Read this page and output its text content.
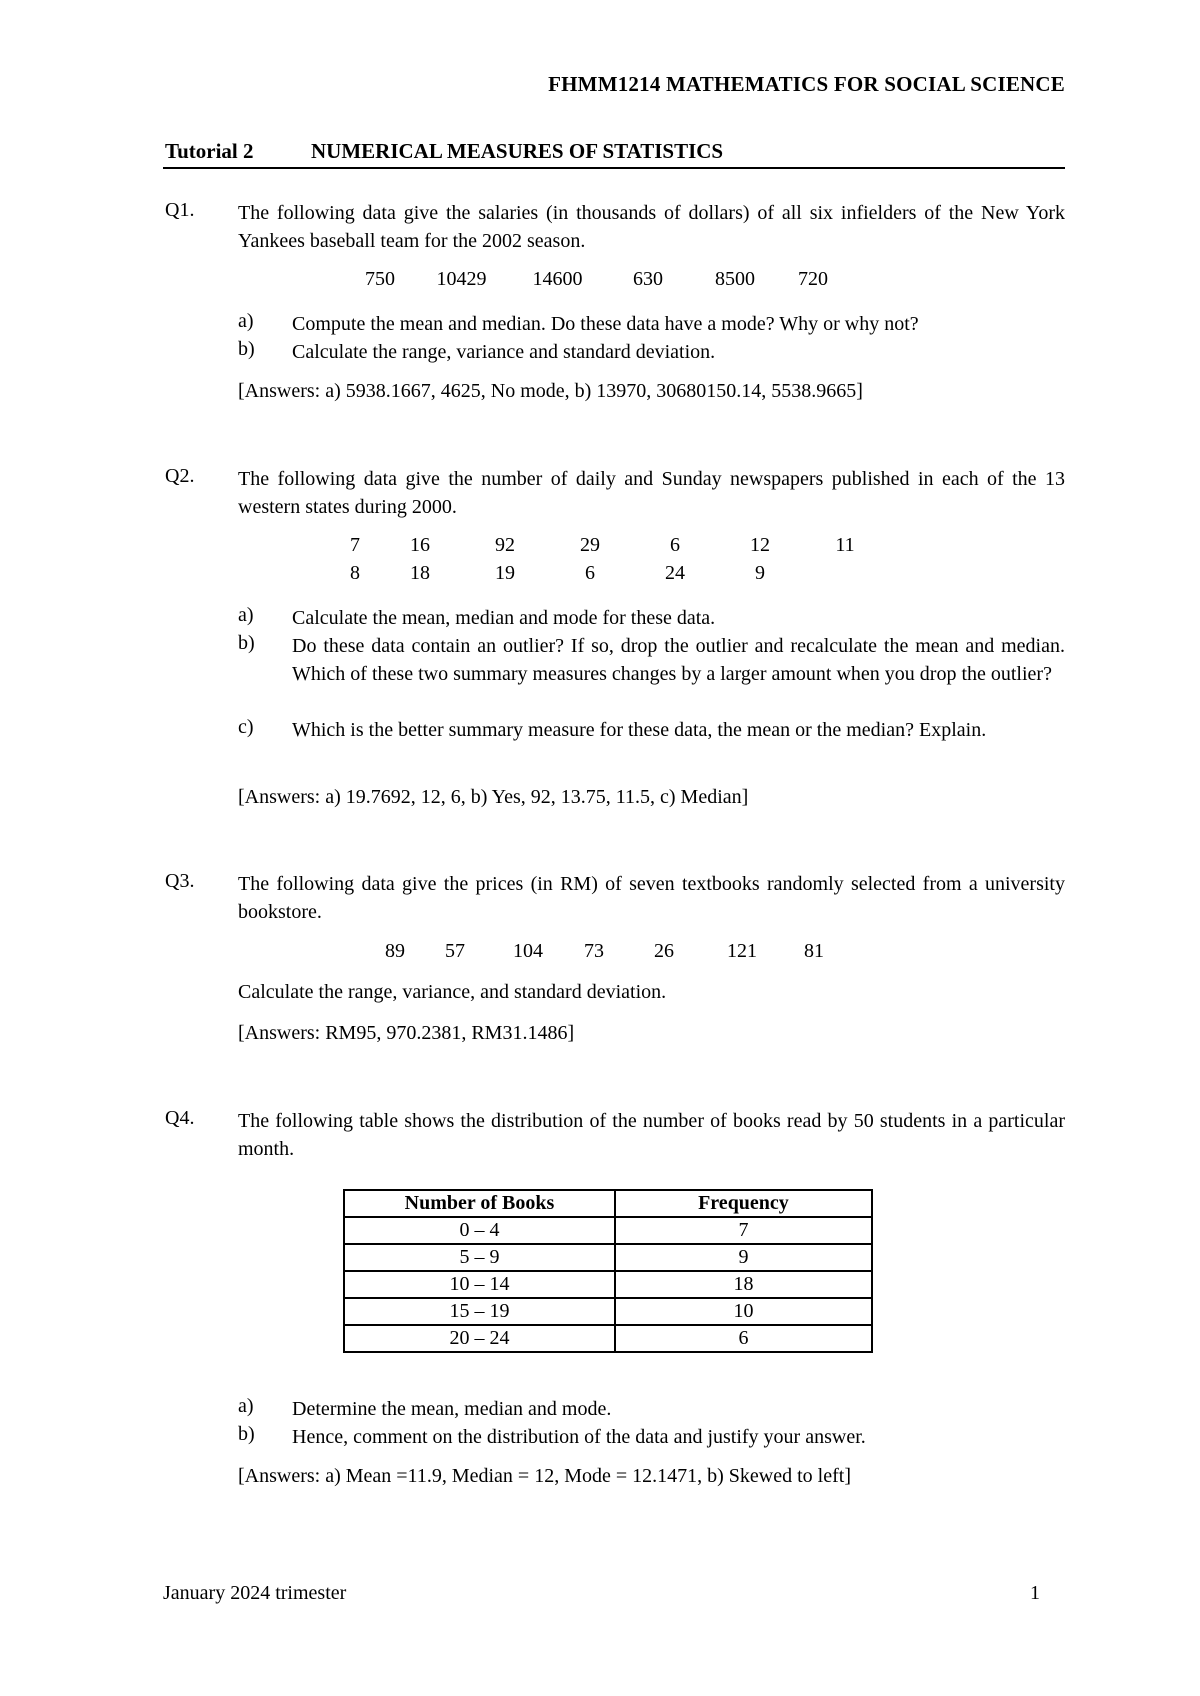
FHMM1214 MATHEMATICS FOR SOCIAL SCIENCE
Tutorial 2	NUMERICAL MEASURES OF STATISTICS
Q1. The following data give the salaries (in thousands of dollars) of all six infielders of the New York Yankees baseball team for the 2002 season.
750	10429	14600	630	8500	720
a) Compute the mean and median. Do these data have a mode? Why or why not?
b) Calculate the range, variance and standard deviation.
[Answers: a) 5938.1667, 4625, No mode, b) 13970, 30680150.14, 5538.9665]
Q2. The following data give the number of daily and Sunday newspapers published in each of the 13 western states during 2000.
7	16	92	29	6	12	11
8	18	19	6	24	9
a) Calculate the mean, median and mode for these data.
b) Do these data contain an outlier? If so, drop the outlier and recalculate the mean and median. Which of these two summary measures changes by a larger amount when you drop the outlier?
c) Which is the better summary measure for these data, the mean or the median? Explain.
[Answers: a) 19.7692, 12, 6, b) Yes, 92, 13.75, 11.5, c) Median]
Q3. The following data give the prices (in RM) of seven textbooks randomly selected from a university bookstore.
89	57	104	73	26	121	81
Calculate the range, variance, and standard deviation.
[Answers: RM95, 970.2381, RM31.1486]
Q4. The following table shows the distribution of the number of books read by 50 students in a particular month.
Number of Books	Frequency
0 – 4	7
5 – 9	9
10 – 14	18
15 – 19	10
20 – 24	6
a) Determine the mean, median and mode.
b) Hence, comment on the distribution of the data and justify your answer.
[Answers: a) Mean =11.9, Median = 12, Mode = 12.1471, b) Skewed to left]
January 2024 trimester	1
